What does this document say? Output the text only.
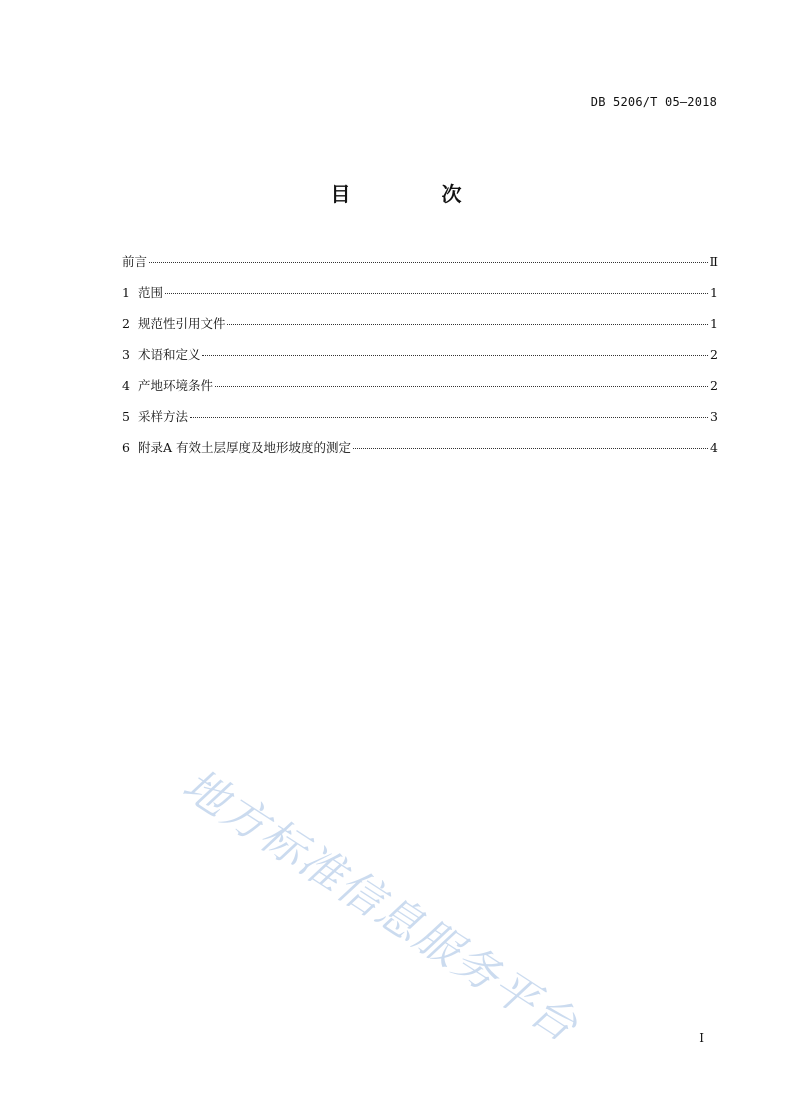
DB 5206/T 05—2018
目 次
前言	Ⅱ
1 范围	1
2 规范性引用文件	1
3 术语和定义	2
4 产地环境条件	2
5 采样方法	3
6 附录A 有效土层厚度及地形坡度的测定	4
地方标准信息服务平台	I
